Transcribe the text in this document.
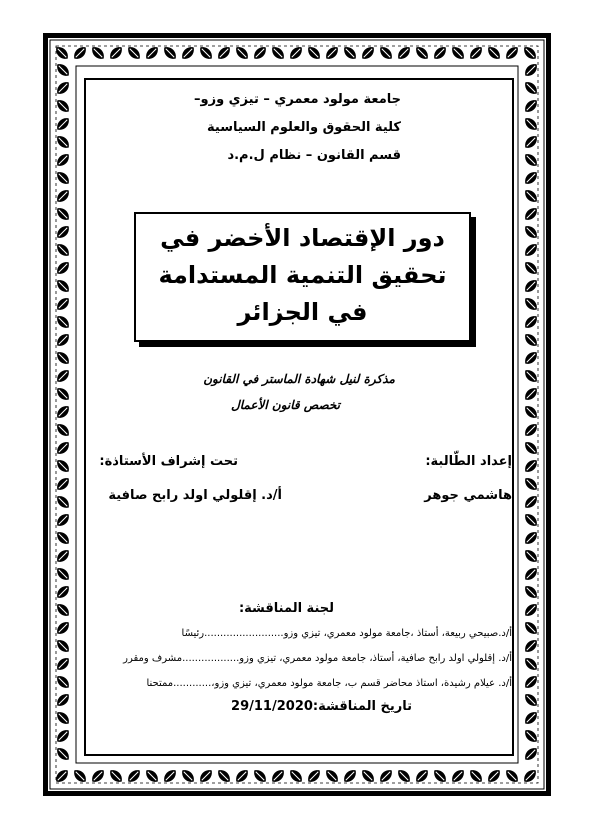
جامعة مولود معمري – تيزي وزو–
كلية الحقوق والعلوم السياسية
قسم القانون – نظام ل.م.د
دور الإقتصاد الأخضر في
تحقيق التنمية المستدامة
في الجزائر
مذكرة لنيل شهادة الماستر في القانون
تخصص قانون الأعمال
إعداد الطّالبة:
تحت إشراف الأستاذة:
هاشمي جوهر
أ/د. إقلولي اولد رابح صافية
لجنة المناقشة:
أ/د.صبيحي ربيعة، أستاذ ،جامعة مولود معمري، تيزي وزو.........................رئيسًا
أ/د. إقلولي اولد رابح صافية، أستاذ، جامعة مولود معمري، تيزي وزو..................مشرف ومقرر
أ/د. عيلام رشيدة، استاذ محاضر قسم ب، جامعة مولود معمري، تيزي وزو،............ممتحنا
تاريخ المناقشة:29/11/2020
